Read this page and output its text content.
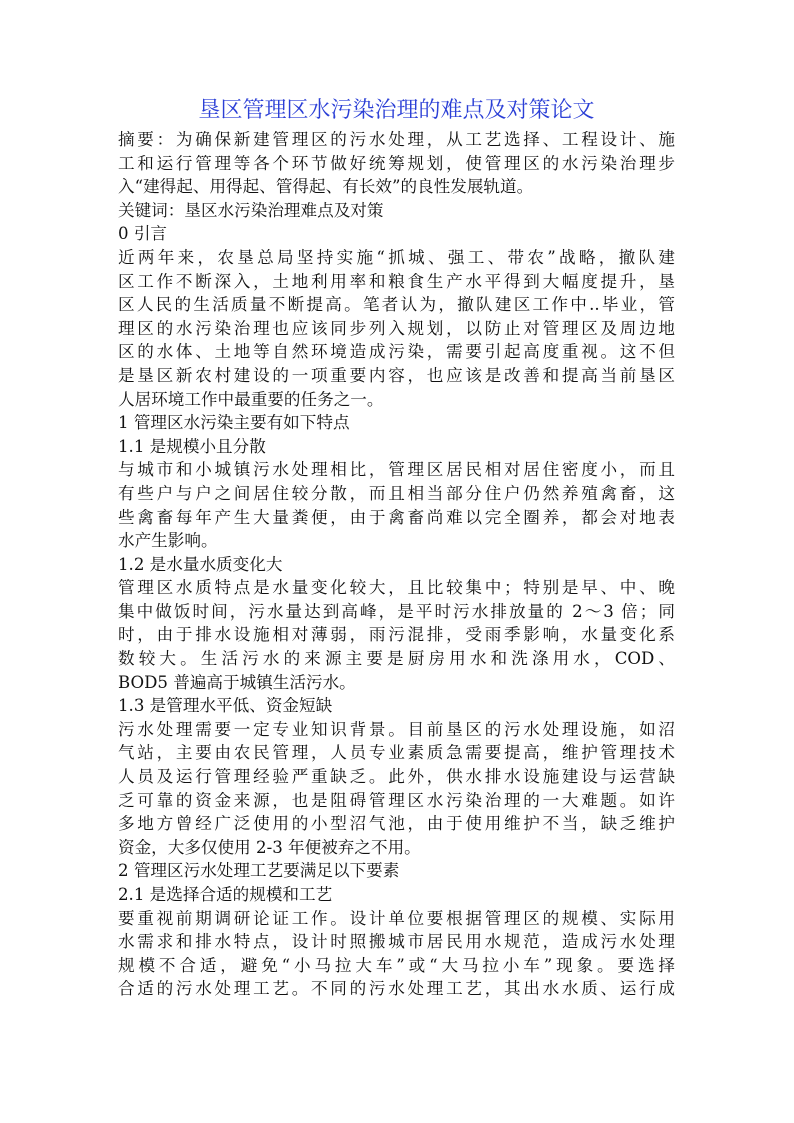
垦区管理区水污染治理的难点及对策论文
摘要：为确保新建管理区的污水处理，从工艺选择、工程设计、施
工和运行管理等各个环节做好统筹规划，使管理区的水污染治理步
入“建得起、用得起、管得起、有长效”的良性发展轨道。
关键词：垦区水污染治理难点及对策
0 引言
近两年来，农垦总局坚持实施“抓城、强工、带农”战略，撤队建
区工作不断深入，土地利用率和粮食生产水平得到大幅度提升，垦
区人民的生活质量不断提高。笔者认为，撤队建区工作中..毕业，管
理区的水污染治理也应该同步列入规划，以防止对管理区及周边地
区的水体、土地等自然环境造成污染，需要引起高度重视。这不但
是垦区新农村建设的一项重要内容，也应该是改善和提高当前垦区
人居环境工作中最重要的任务之一。
1 管理区水污染主要有如下特点
1.1 是规模小且分散
与城市和小城镇污水处理相比，管理区居民相对居住密度小，而且
有些户与户之间居住较分散，而且相当部分住户仍然养殖禽畜，这
些禽畜每年产生大量粪便，由于禽畜尚难以完全圈养，都会对地表
水产生影响。
1.2 是水量水质变化大
管理区水质特点是水量变化较大，且比较集中；特别是早、中、晚
集中做饭时间，污水量达到高峰，是平时污水排放量的 2～3 倍；同
时，由于排水设施相对薄弱，雨污混排，受雨季影响，水量变化系
数较大。生活污水的来源主要是厨房用水和洗涤用水，COD、
BOD5 普遍高于城镇生活污水。
1.3 是管理水平低、资金短缺
污水处理需要一定专业知识背景。目前垦区的污水处理设施，如沼
气站，主要由农民管理，人员专业素质急需要提高，维护管理技术
人员及运行管理经验严重缺乏。此外，供水排水设施建设与运营缺
乏可靠的资金来源，也是阻碍管理区水污染治理的一大难题。如许
多地方曾经广泛使用的小型沼气池，由于使用维护不当，缺乏维护
资金，大多仅使用 2-3 年便被弃之不用。
2 管理区污水处理工艺要满足以下要素
2.1 是选择合适的规模和工艺
要重视前期调研论证工作。设计单位要根据管理区的规模、实际用
水需求和排水特点，设计时照搬城市居民用水规范，造成污水处理
规模不合适，避免“小马拉大车”或“大马拉小车”现象。要选择
合适的污水处理工艺。不同的污水处理工艺，其出水水质、运行成
